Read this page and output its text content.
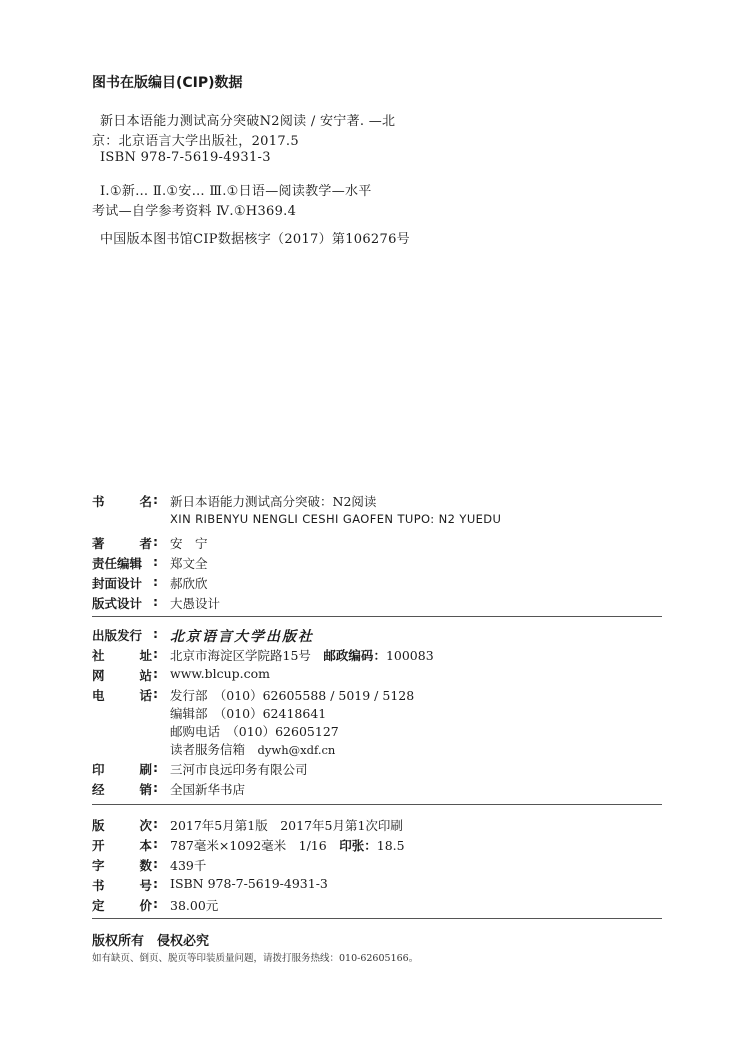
图书在版编目(CIP)数据
新日本语能力测试高分突破N2阅读 / 安宁著. —北
京：北京语言大学出版社，2017.5
ISBN 978-7-5619-4931-3
Ⅰ.①新… Ⅱ.①安… Ⅲ.①日语—阅读教学—水平
考试—自学参考资料 Ⅳ.①H369.4
中国版本图书馆CIP数据核字（2017）第106276号
书	名 : 新日本语能力测试高分突破：N2阅读
XIN RIBENYU NENGLI CESHI GAOFEN TUPO: N2 YUEDU
著	者 : 安　宁
责任编辑 : 郑文全
封面设计 : 郝欣欣
版式设计 : 大愚设计
出版发行 : 北京语言大学出版社
社	址 : 北京市海淀区学院路15号　 邮政编码：100083
网	站 : www.blcup.com
电	话 : 发行部　（010）62605588 / 5019 / 5128
编辑部　（010）62418641
邮购电话　（010）62605127
读者服务信箱　 dywh@xdf.cn
印	刷 : 三河市良远印务有限公司
经	销 : 全国新华书店
版	次 : 2017年5月第1版　2017年5月第1次印刷
开	本 : 787毫米×1092毫米　1/16　 印张：18.5
字	数 : 439千
书	号 : ISBN 978-7-5619-4931-3
定	价 : 38.00元
版权所有　侵权必究
如有缺页、倒页、脱页等印装质量问题，请拨打服务热线：010-62605166。
